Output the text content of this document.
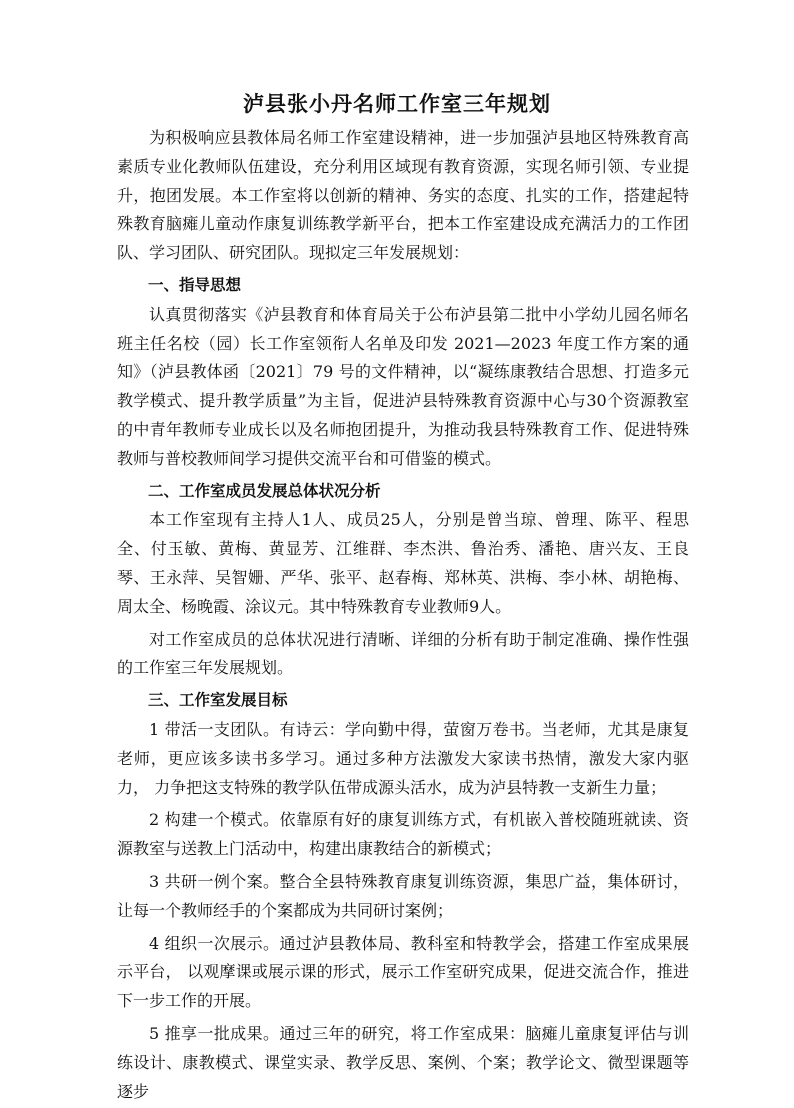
泸县张小丹名师工作室三年规划

为积极响应县教体局名师工作室建设精神，进一步加强泸县地区特殊教育高素质专业化教师队伍建设，充分利用区域现有教育资源，实现名师引领、专业提升，抱团发展。本工作室将以创新的精神、务实的态度、扎实的工作，搭建起特殊教育脑瘫儿童动作康复训练教学新平台，把本工作室建设成充满活力的工作团队、学习团队、研究团队。现拟定三年发展规划：

一、指导思想

认真贯彻落实《泸县教育和体育局关于公布泸县第二批中小学幼儿园名师名班主任名校（园）长工作室领衔人名单及印发 2021—2023 年度工作方案的通知》（泸县教体函〔2021〕79 号的文件精神，以“凝练康教结合思想、打造多元教学模式、提升教学质量”为主旨，促进泸县特殊教育资源中心与30个资源教室的中青年教师专业成长以及名师抱团提升，为推动我县特殊教育工作、促进特殊教师与普校教师间学习提供交流平台和可借鉴的模式。

二、工作室成员发展总体状况分析

本工作室现有主持人1人、成员25人，分别是曾当琼、曾理、陈平、程思全、付玉敏、黄梅、黄显芳、江维群、李杰洪、鲁治秀、潘艳、唐兴友、王良琴、王永萍、吴智姗、严华、张平、赵春梅、郑林英、洪梅、李小林、胡艳梅、周太全、杨晚霞、涂议元。其中特殊教育专业教师9人。

对工作室成员的总体状况进行清晰、详细的分析有助于制定准确、操作性强的工作室三年发展规划。

三、工作室发展目标

1 带活一支团队。有诗云：学向勤中得，萤窗万卷书。当老师，尤其是康复老师，更应该多读书多学习。通过多种方法激发大家读书热情，激发大家内驱力， 力争把这支特殊的教学队伍带成源头活水，成为泸县特教一支新生力量；

2 构建一个模式。依靠原有好的康复训练方式，有机嵌入普校随班就读、资源教室与送教上门活动中，构建出康教结合的新模式；

3 共研一例个案。整合全县特殊教育康复训练资源，集思广益，集体研讨，让每一个教师经手的个案都成为共同研讨案例；

4 组织一次展示。通过泸县教体局、教科室和特教学会，搭建工作室成果展示平台， 以观摩课或展示课的形式，展示工作室研究成果，促进交流合作，推进下一步工作的开展。

5 推享一批成果。通过三年的研究，将工作室成果：脑瘫儿童康复评估与训练设计、康教模式、课堂实录、教学反思、案例、个案；教学论文、微型课题等逐步
